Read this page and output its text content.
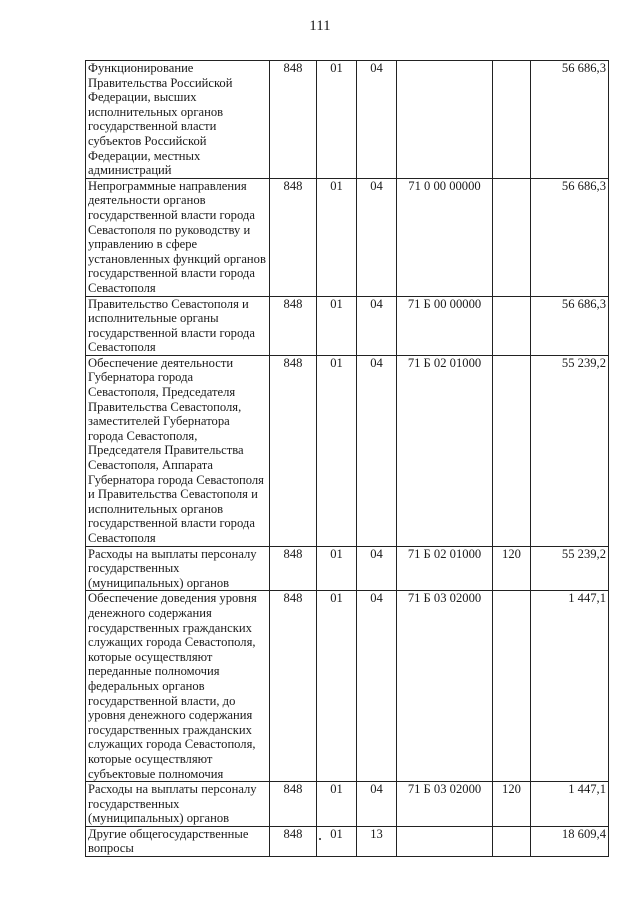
111
Функционирование Правительства Российской Федерации, высших исполнительных органов государственной власти субъектов Российской Федерации, местных администраций	848	01	04			56 686,3
Непрограммные направления деятельности органов государственной власти города Севастополя по руководству и управлению в сфере установленных функций органов государственной власти города Севастополя	848	01	04	71 0 00 00000		56 686,3
Правительство Севастополя и исполнительные органы государственной власти города Севастополя	848	01	04	71 Б 00 00000		56 686,3
Обеспечение деятельности Губернатора города Севастополя, Председателя Правительства Севастополя, заместителей Губернатора города Севастополя, Председателя Правительства Севастополя, Аппарата Губернатора города Севастополя и Правительства Севастополя и исполнительных органов государственной власти города Севастополя	848	01	04	71 Б 02 01000		55 239,2
Расходы на выплаты персоналу государственных (муниципальных) органов	848	01	04	71 Б 02 01000	120	55 239,2
Обеспечение доведения уровня денежного содержания государственных гражданских служащих города Севастополя, которые осуществляют переданные полномочия федеральных органов государственной власти, до уровня денежного содержания государственных гражданских служащих города Севастополя, которые осуществляют субъектовые полномочия	848	01	04	71 Б 03 02000		1 447,1
Расходы на выплаты персоналу государственных (муниципальных) органов	848	01	04	71 Б 03 02000	120	1 447,1
Другие общегосударственные вопросы	848	01	13			18 609,4
